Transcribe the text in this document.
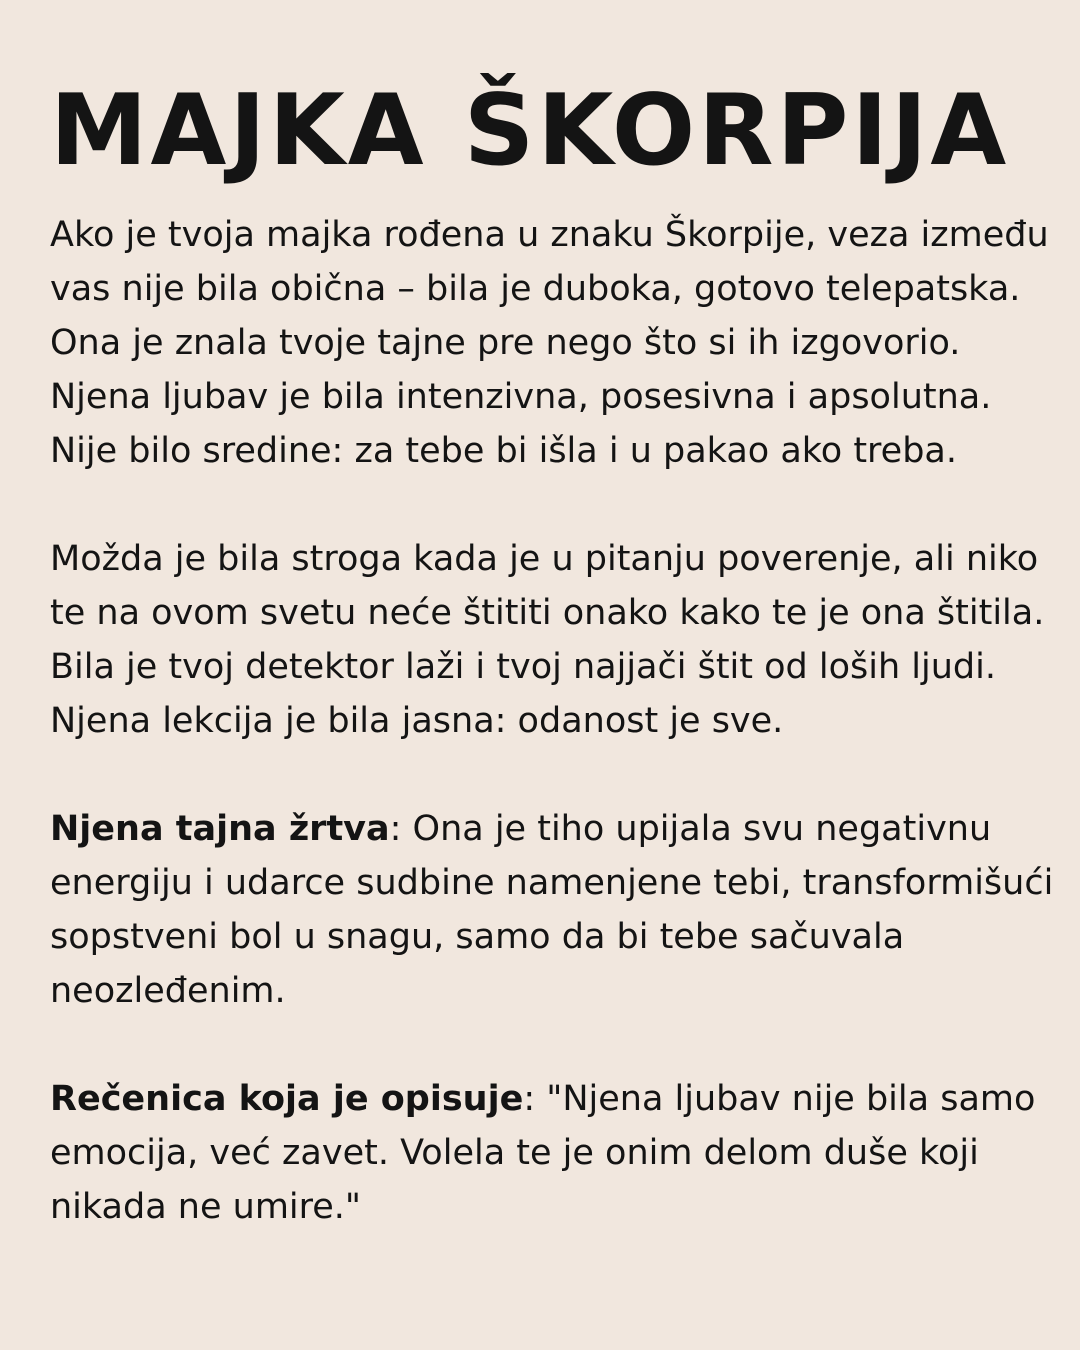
MAJKA ŠKORPIJA

Ako je tvoja majka rođena u znaku Škorpije, veza između vas nije bila obična – bila je duboka, gotovo telepatska. Ona je znala tvoje tajne pre nego što si ih izgovorio. Njena ljubav je bila intenzivna, posesivna i apsolutna. Nije bilo sredine: za tebe bi išla i u pakao ako treba.

Možda je bila stroga kada je u pitanju poverenje, ali niko te na ovom svetu neće štititi onako kako te je ona štitila. Bila je tvoj detektor laži i tvoj najjači štit od loših ljudi. Njena lekcija je bila jasna: odanost je sve.

Njena tajna žrtva: Ona je tiho upijala svu negativnu energiju i udarce sudbine namenjene tebi, transformišući sopstveni bol u snagu, samo da bi tebe sačuvala neozleđenim.

Rečenica koja je opisuje: "Njena ljubav nije bila samo emocija, već zavet. Volela te je onim delom duše koji nikada ne umire."
